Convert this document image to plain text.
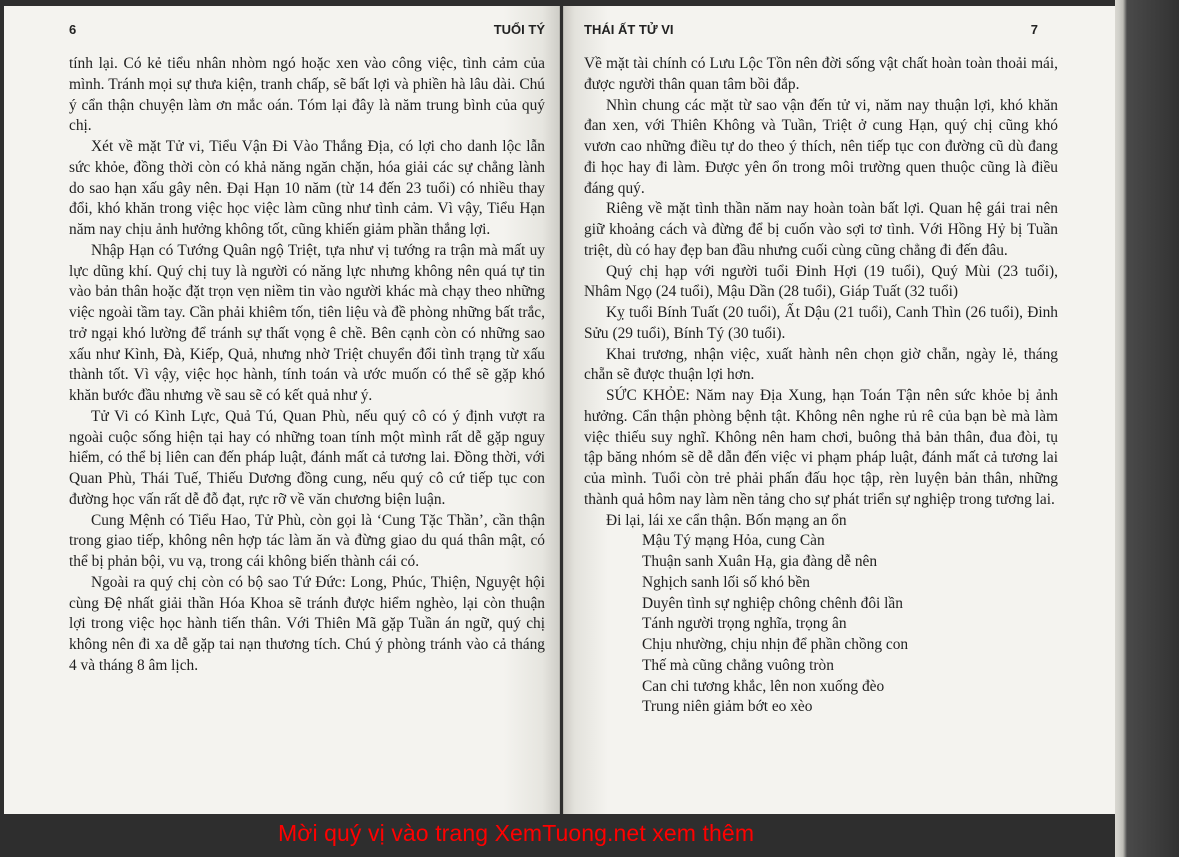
6	TUỔI TÝ

tính lại. Có kẻ tiểu nhân nhòm ngó hoặc xen vào công việc, tình cảm của mình. Tránh mọi sự thưa kiện, tranh chấp, sẽ bất lợi và phiền hà lâu dài. Chú ý cẩn thận chuyện làm ơn mắc oán. Tóm lại đây là năm trung bình của quý chị.

Xét về mặt Tử vi, Tiểu Vận Đi Vào Thắng Địa, có lợi cho danh lộc lẫn sức khỏe, đồng thời còn có khả năng ngăn chặn, hóa giải các sự chẳng lành do sao hạn xấu gây nên. Đại Hạn 10 năm (từ 14 đến 23 tuổi) có nhiều thay đổi, khó khăn trong việc học việc làm cũng như tình cảm. Vì vậy, Tiểu Hạn năm nay chịu ảnh hưởng không tốt, cũng khiến giảm phần thắng lợi.

Nhập Hạn có Tướng Quân ngộ Triệt, tựa như vị tướng ra trận mà mất uy lực dũng khí. Quý chị tuy là người có năng lực nhưng không nên quá tự tin vào bản thân hoặc đặt trọn vẹn niềm tin vào người khác mà chạy theo những việc ngoài tầm tay. Cần phải khiêm tốn, tiên liệu và đề phòng những bất trắc, trở ngại khó lường để tránh sự thất vọng ê chề. Bên cạnh còn có những sao xấu như Kình, Đà, Kiếp, Quả, nhưng nhờ Triệt chuyển đổi tình trạng từ xấu thành tốt. Vì vậy, việc học hành, tính toán và ước muốn có thể sẽ gặp khó khăn bước đầu nhưng về sau sẽ có kết quả như ý.

Tử Vi có Kình Lực, Quả Tú, Quan Phù, nếu quý cô có ý định vượt ra ngoài cuộc sống hiện tại hay có những toan tính một mình rất dễ gặp nguy hiểm, có thể bị liên can đến pháp luật, đánh mất cả tương lai. Đồng thời, với Quan Phù, Thái Tuế, Thiếu Dương đồng cung, nếu quý cô cứ tiếp tục con đường học vấn rất dễ đỗ đạt, rực rỡ về văn chương biện luận.

Cung Mệnh có Tiểu Hao, Tử Phù, còn gọi là ‘Cung Tặc Thần’, cần thận trong giao tiếp, không nên hợp tác làm ăn và đừng giao du quá thân mật, có thể bị phản bội, vu vạ, trong cái không biến thành cái có.

Ngoài ra quý chị còn có bộ sao Tứ Đức: Long, Phúc, Thiện, Nguyệt hội cùng Đệ nhất giải thần Hóa Khoa sẽ tránh được hiểm nghèo, lại còn thuận lợi trong việc học hành tiến thân. Với Thiên Mã gặp Tuần án ngữ, quý chị không nên đi xa dễ gặp tai nạn thương tích. Chú ý phòng tránh vào cả tháng 4 và tháng 8 âm lịch.

THÁI ẤT TỬ VI	7

Về mặt tài chính có Lưu Lộc Tồn nên đời sống vật chất hoàn toàn thoải mái, được người thân quan tâm bồi đắp.

Nhìn chung các mặt từ sao vận đến tử vi, năm nay thuận lợi, khó khăn đan xen, với Thiên Không và Tuần, Triệt ở cung Hạn, quý chị cũng khó vươn cao những điều tự do theo ý thích, nên tiếp tục con đường cũ dù đang đi học hay đi làm. Được yên ổn trong môi trường quen thuộc cũng là điều đáng quý.

Riêng về mặt tình thần năm nay hoàn toàn bất lợi. Quan hệ gái trai nên giữ khoảng cách và đừng để bị cuốn vào sợi tơ tình. Với Hồng Hỷ bị Tuần triệt, dù có hay đẹp ban đầu nhưng cuối cùng cũng chẳng đi đến đâu.

Quý chị hạp với người tuổi Đinh Hợi (19 tuổi), Quý Mùi (23 tuổi), Nhâm Ngọ (24 tuổi), Mậu Dần (28 tuổi), Giáp Tuất (32 tuổi)

Kỵ tuổi Bính Tuất (20 tuổi), Ất Dậu (21 tuổi), Canh Thìn (26 tuổi), Đinh Sửu (29 tuổi), Bính Tý (30 tuổi).

Khai trương, nhận việc, xuất hành nên chọn giờ chẵn, ngày lẻ, tháng chẵn sẽ được thuận lợi hơn.

SỨC KHỎE: Năm nay Địa Xung, hạn Toán Tận nên sức khỏe bị ảnh hưởng. Cẩn thận phòng bệnh tật. Không nên nghe rủ rê của bạn bè mà làm việc thiếu suy nghĩ. Không nên ham chơi, buông thả bản thân, đua đòi, tụ tập băng nhóm sẽ dễ dẫn đến việc vi phạm pháp luật, đánh mất cả tương lai của mình. Tuổi còn trẻ phải phấn đấu học tập, rèn luyện bản thân, những thành quả hôm nay làm nền tảng cho sự phát triển sự nghiệp trong tương lai.

Đi lại, lái xe cẩn thận. Bốn mạng an ổn

Mậu Tý mạng Hỏa, cung Càn
Thuận sanh Xuân Hạ, gia đàng dễ nên
Nghịch sanh lối số khó bền
Duyên tình sự nghiệp chông chênh đôi lần
Tánh người trọng nghĩa, trọng ân
Chịu nhường, chịu nhịn để phần chồng con
Thế mà cũng chẳng vuông tròn
Can chi tương khắc, lên non xuống đèo
Trung niên giảm bớt eo xèo
Mời quý vị vào trang XemTuong.net xem thêm
